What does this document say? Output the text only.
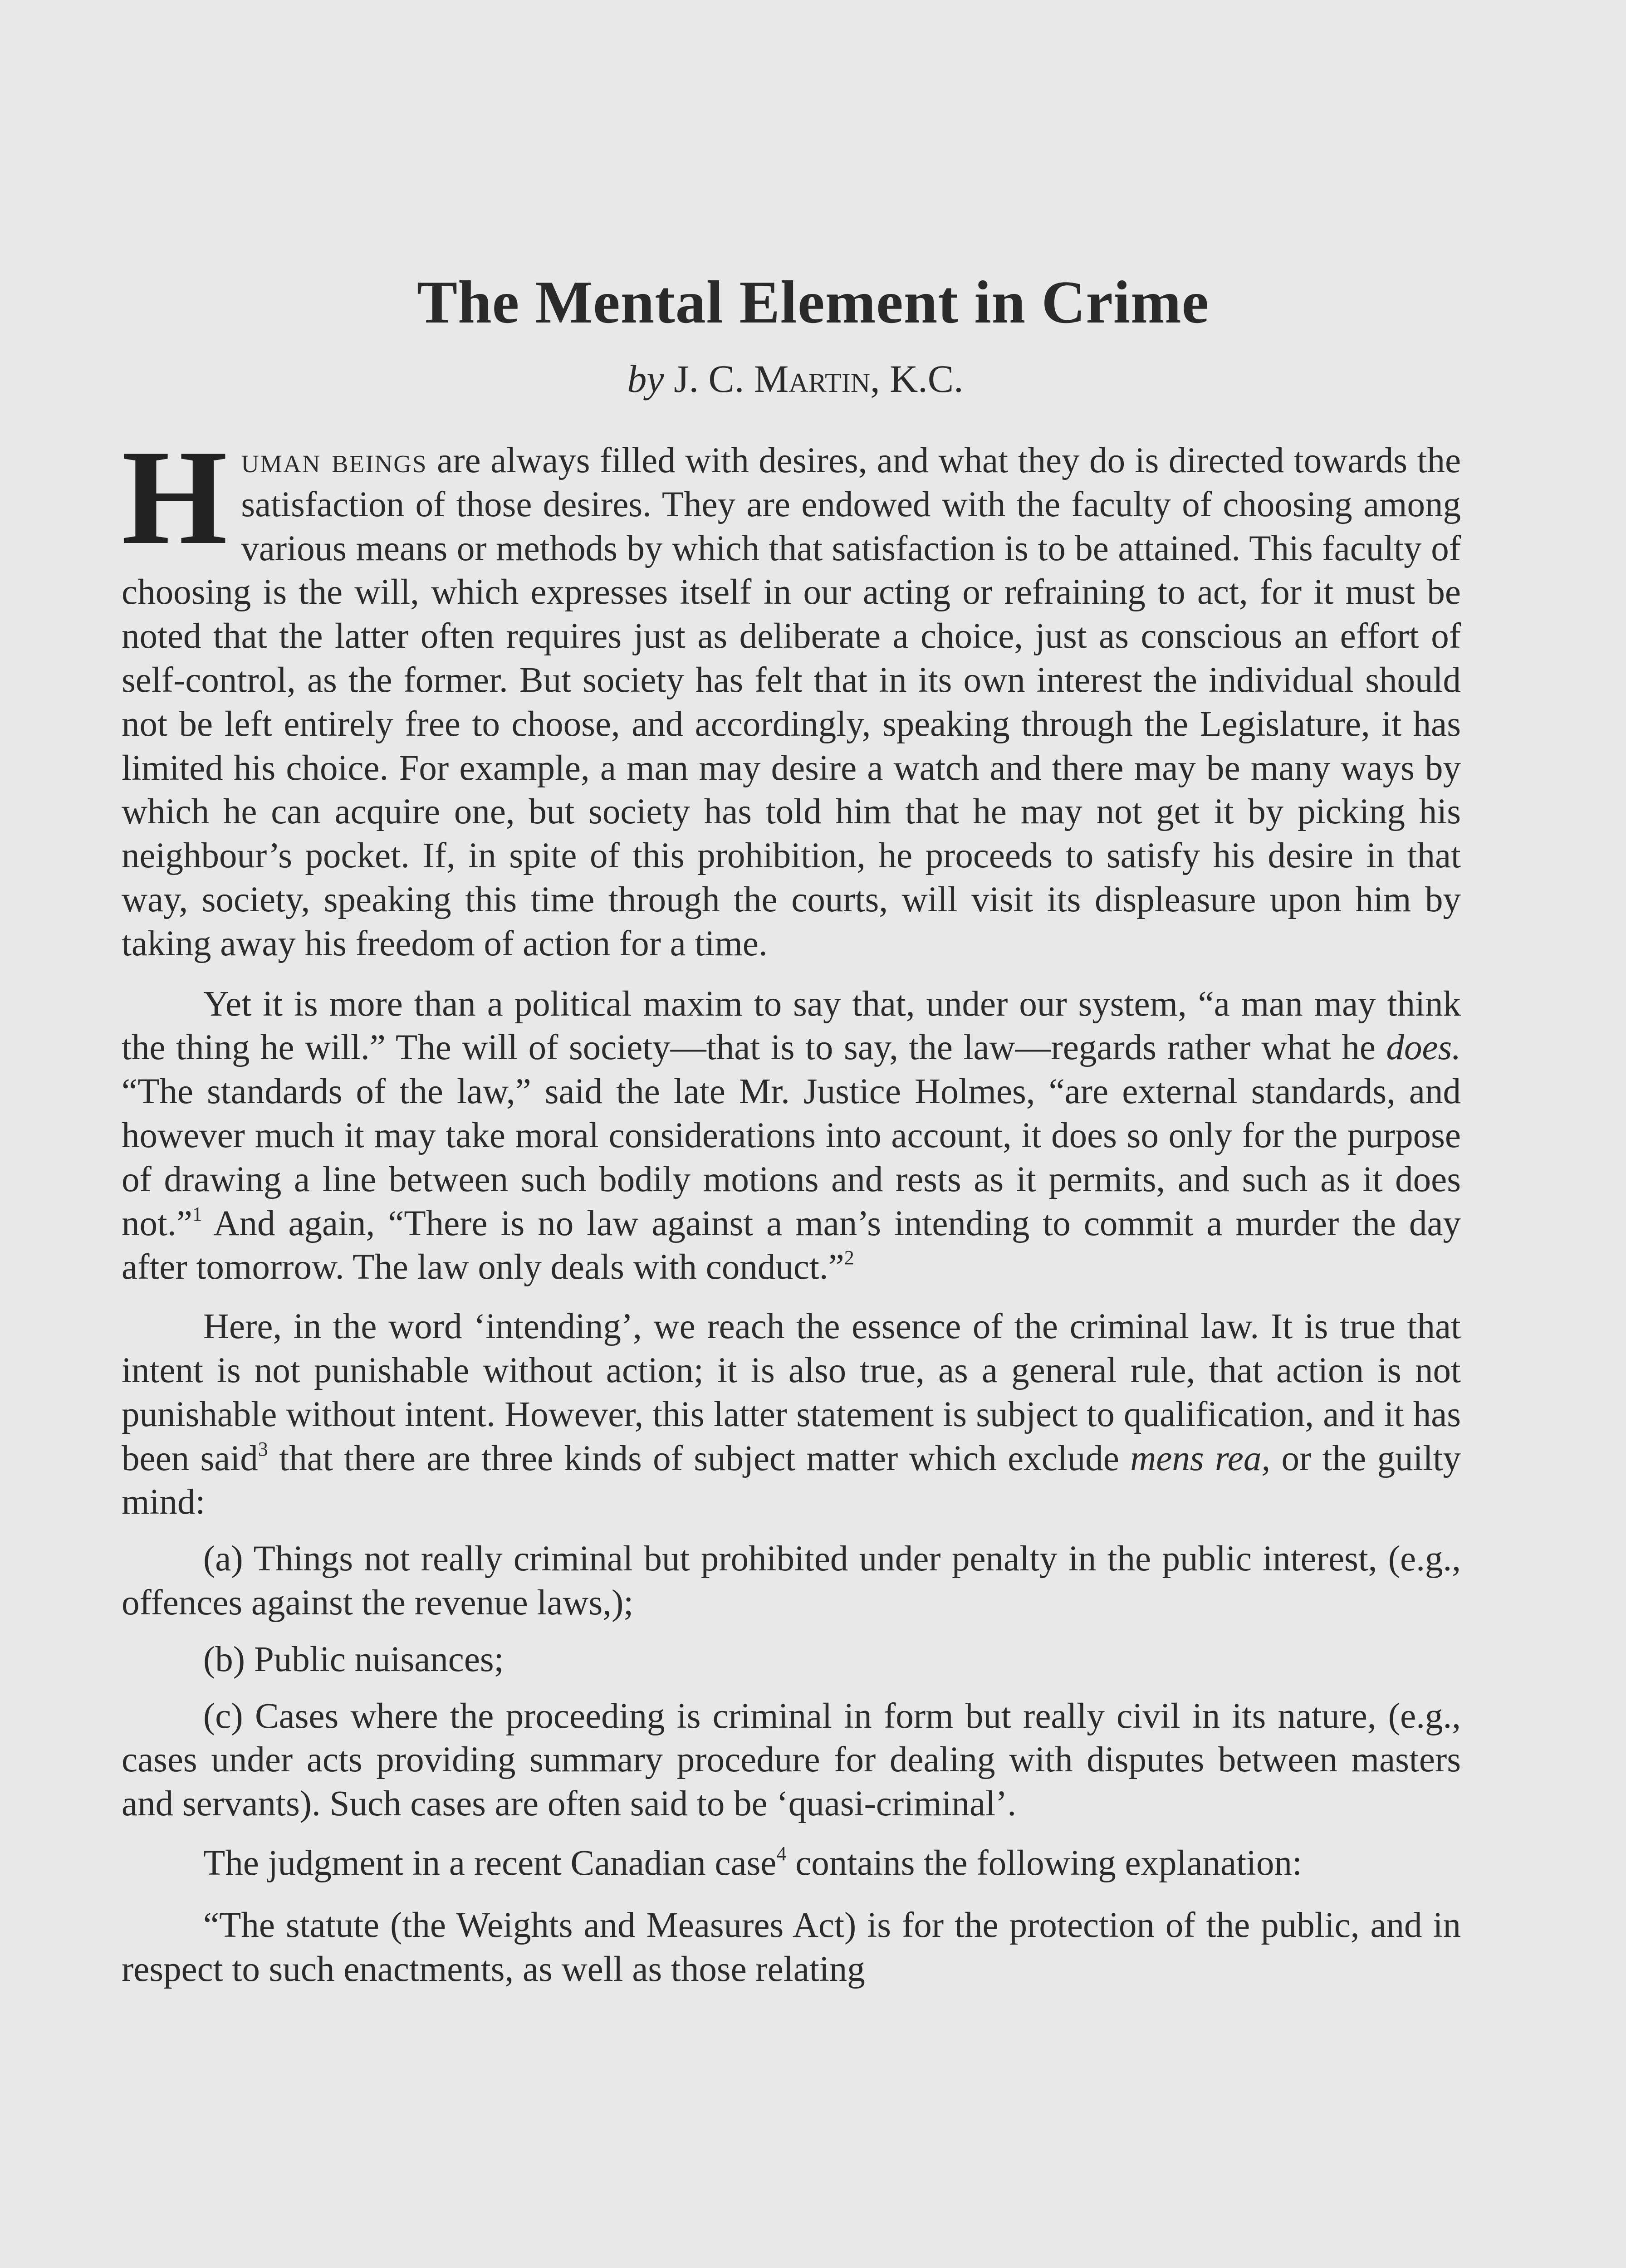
The Mental Element in Crime
by J. C. Martin, K.C.

Human beings are always filled with desires, and what they do is directed towards the satisfaction of those desires. They are endowed with the faculty of choosing among various means or methods by which that satisfaction is to be attained. This faculty of choosing is the will, which expresses itself in our acting or refraining to act, for it must be noted that the latter often requires just as deliberate a choice, just as conscious an effort of self-control, as the former. But society has felt that in its own interest the individual should not be left entirely free to choose, and accordingly, speaking through the Legislature, it has limited his choice. For example, a man may desire a watch and there may be many ways by which he can acquire one, but society has told him that he may not get it by picking his neighbour’s pocket. If, in spite of this prohibition, he proceeds to satisfy his desire in that way, society, speaking this time through the courts, will visit its displeasure upon him by taking away his freedom of action for a time.

Yet it is more than a political maxim to say that, under our system, “a man may think the thing he will.” The will of society—that is to say, the law—regards rather what he does. “The standards of the law,” said the late Mr. Justice Holmes, “are external standards, and however much it may take moral considerations into account, it does so only for the purpose of drawing a line between such bodily motions and rests as it permits, and such as it does not.”$^1$ And again, “There is no law against a man’s intending to commit a murder the day after tomorrow. The law only deals with conduct.”$^2$

Here, in the word ‘intending’, we reach the essence of the criminal law. It is true that intent is not punishable without action; it is also true, as a general rule, that action is not punishable without intent. However, this latter statement is subject to qualification, and it has been said$^3$ that there are three kinds of subject matter which exclude mens rea, or the guilty mind:

(a) Things not really criminal but prohibited under penalty in the public interest, (e.g., offences against the revenue laws,);

(b) Public nuisances;

(c) Cases where the proceeding is criminal in form but really civil in its nature, (e.g., cases under acts providing summary procedure for dealing with disputes between masters and servants). Such cases are often said to be ‘quasi-criminal’.

The judgment in a recent Canadian case$^4$ contains the following explanation:

“The statute (the Weights and Measures Act) is for the protection of the public, and in respect to such enactments, as well as those relating
